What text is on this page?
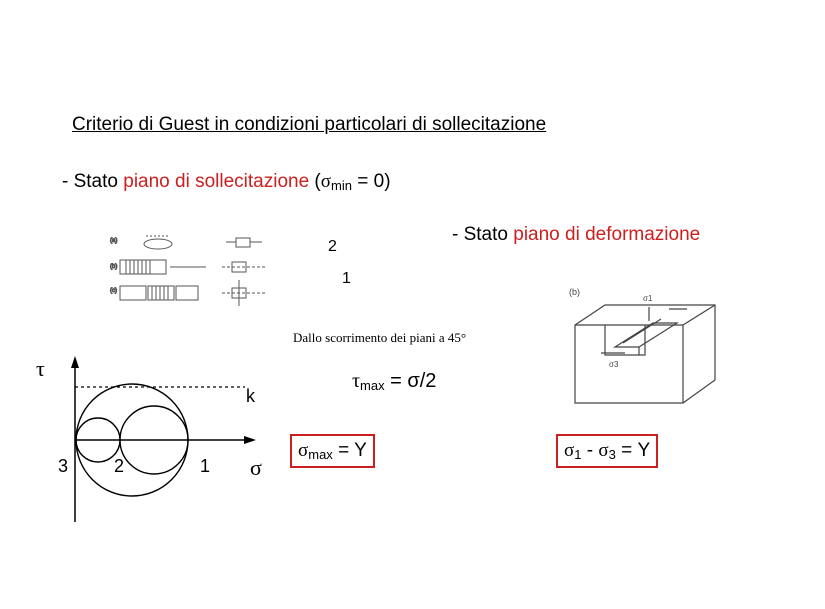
Criterio di Guest in condizioni particolari di sollecitazione
- Stato piano di sollecitazione $(\sigma_{min} = 0)$
- Stato piano di deformazione
2
1
(a)
(b)
(c)	(b)
σ1
σ3
Dallo scorrimento dei piani a 45°
τ
k
3	2	1 σ
$\tau_{max} = \sigma/2$
$\sigma_{max} = Y$	$\sigma_1 - \sigma_3 = Y$
